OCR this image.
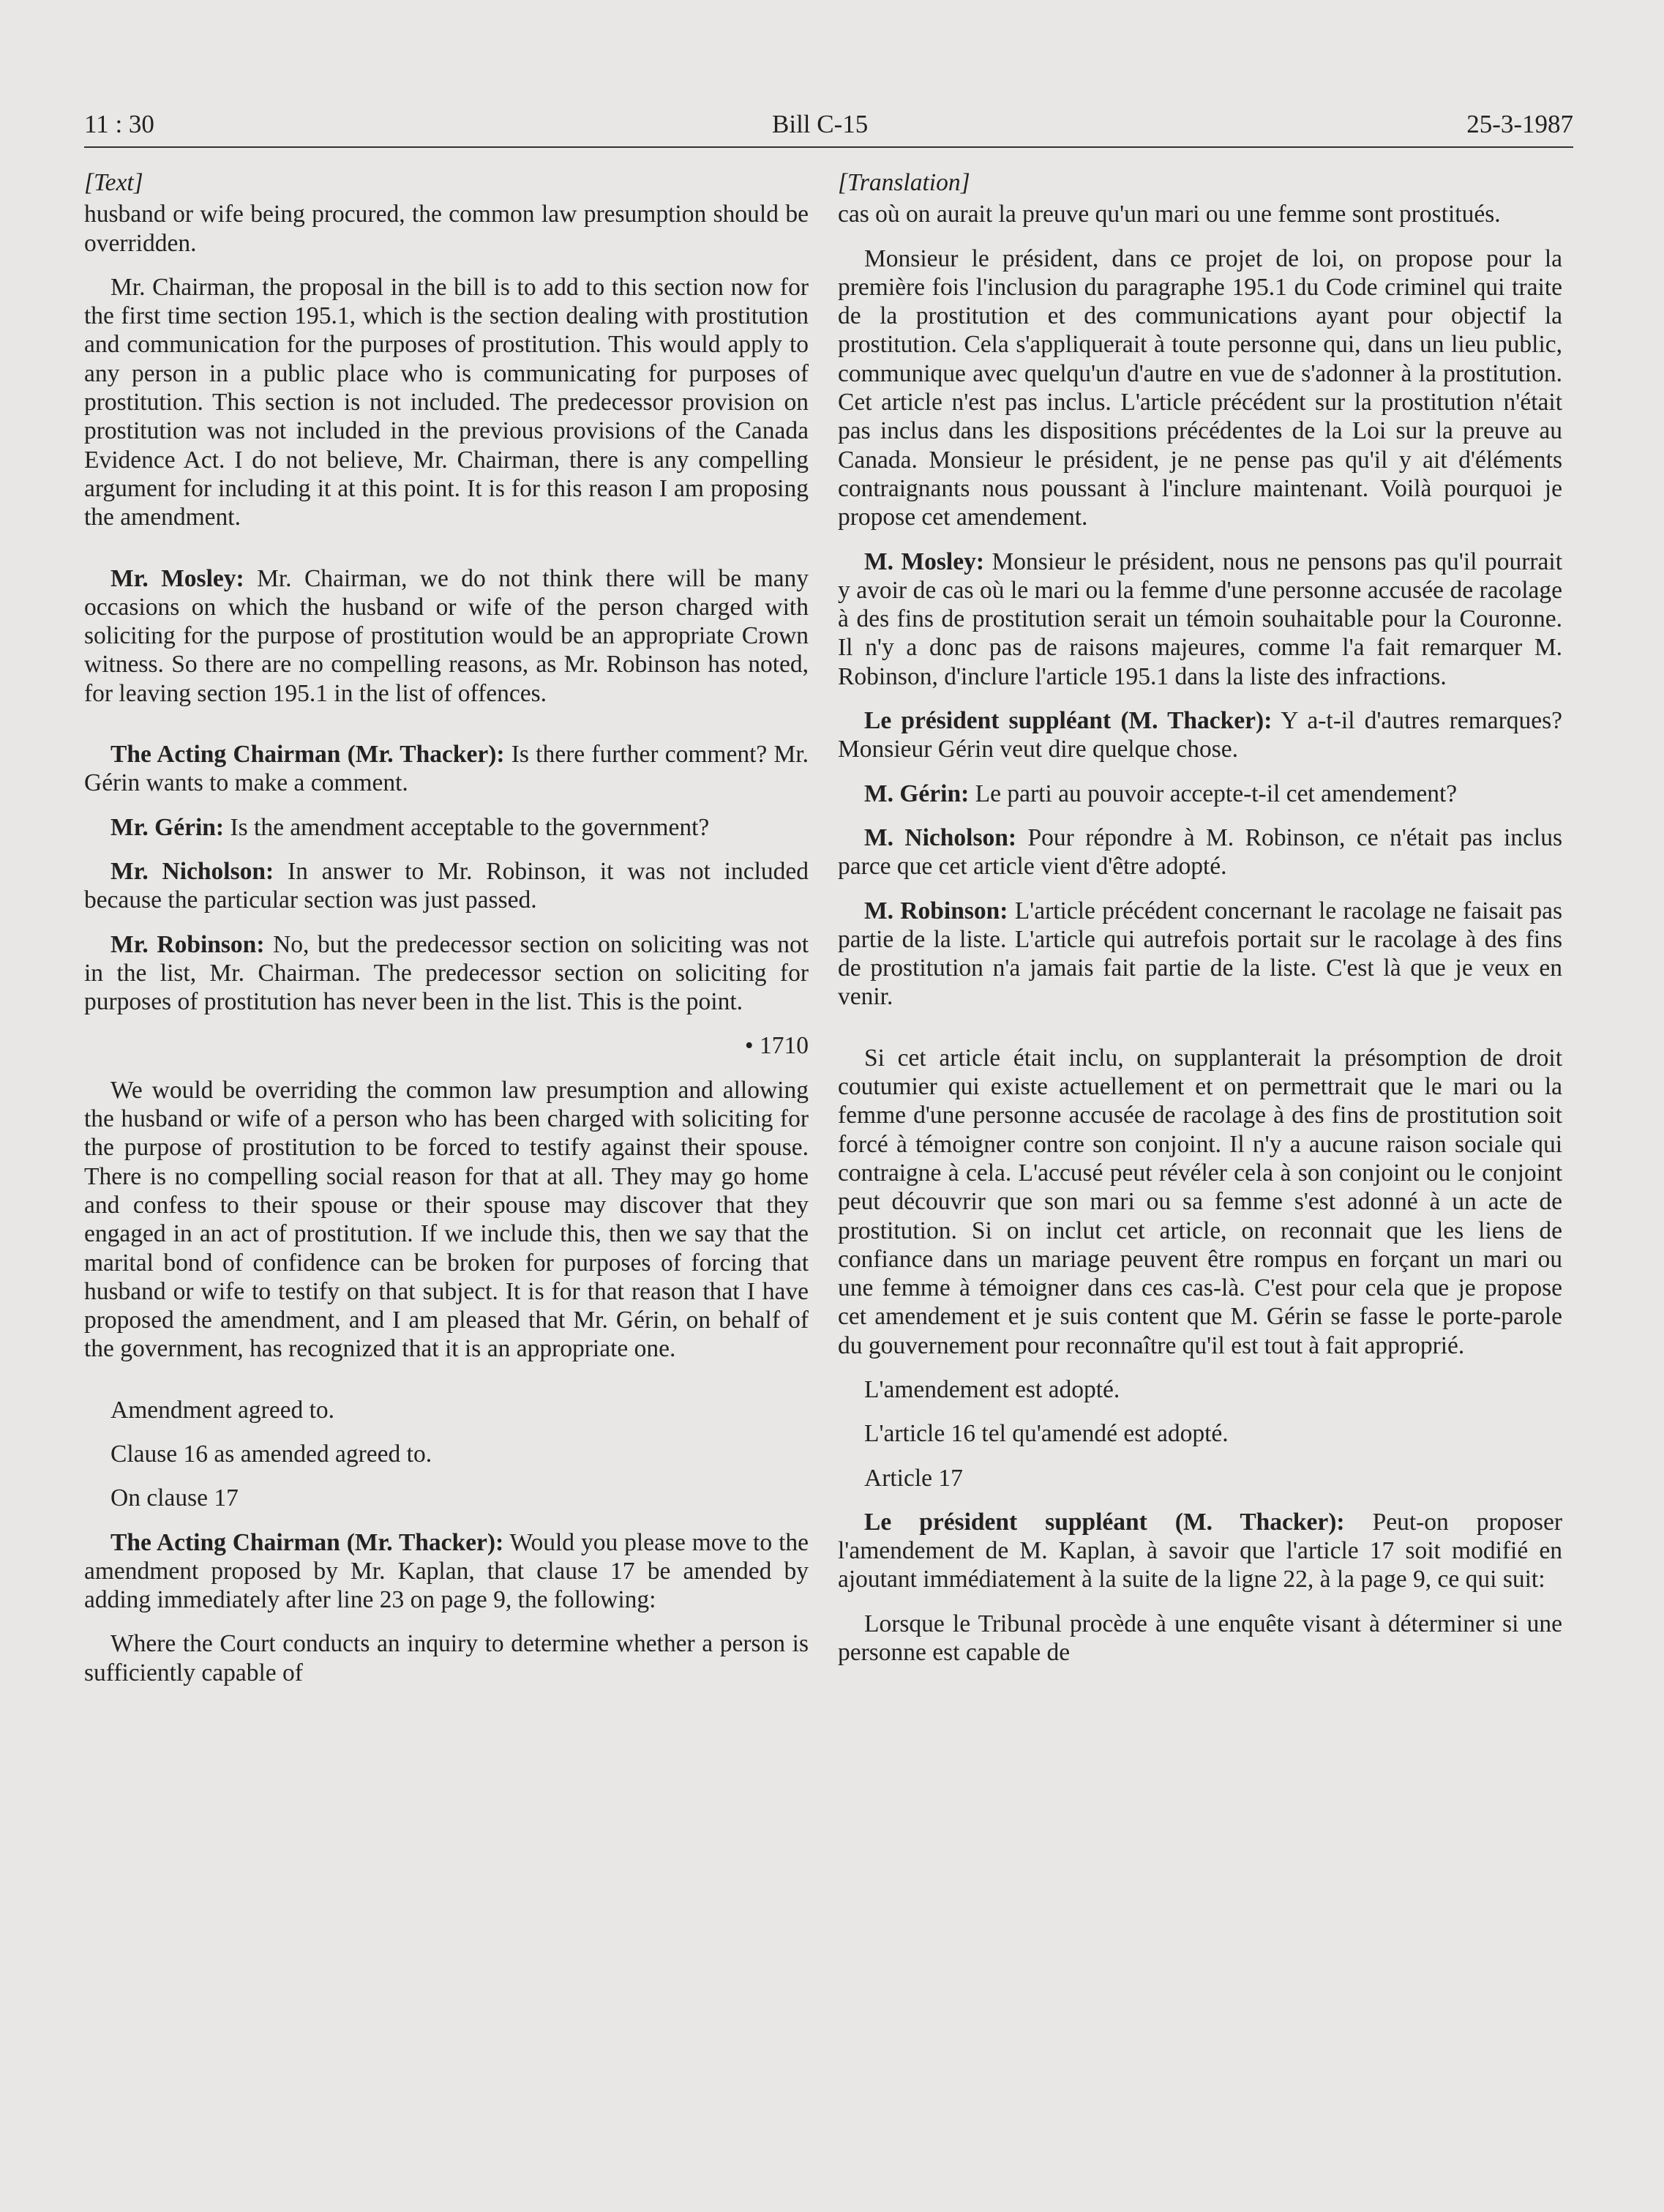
11 : 30	Bill C-15	25-3-1987
[Text]

husband or wife being procured, the common law presumption should be overridden.

Mr. Chairman, the proposal in the bill is to add to this section now for the first time section 195.1, which is the section dealing with prostitution and communication for the purposes of prostitution. This would apply to any person in a public place who is communicating for purposes of prostitution. This section is not included. The predecessor provision on prostitution was not included in the previous provisions of the Canada Evidence Act. I do not believe, Mr. Chairman, there is any compelling argument for including it at this point. It is for this reason I am proposing the amendment.

Mr. Mosley: Mr. Chairman, we do not think there will be many occasions on which the husband or wife of the person charged with soliciting for the purpose of prostitution would be an appropriate Crown witness. So there are no compelling reasons, as Mr. Robinson has noted, for leaving section 195.1 in the list of offences.

The Acting Chairman (Mr. Thacker): Is there further comment? Mr. Gérin wants to make a comment.

Mr. Gérin: Is the amendment acceptable to the government?

Mr. Nicholson: In answer to Mr. Robinson, it was not included because the particular section was just passed.

Mr. Robinson: No, but the predecessor section on soliciting was not in the list, Mr. Chairman. The predecessor section on soliciting for purposes of prostitution has never been in the list. This is the point.

• 1710

We would be overriding the common law presumption and allowing the husband or wife of a person who has been charged with soliciting for the purpose of prostitution to be forced to testify against their spouse. There is no compelling social reason for that at all. They may go home and confess to their spouse or their spouse may discover that they engaged in an act of prostitution. If we include this, then we say that the marital bond of confidence can be broken for purposes of forcing that husband or wife to testify on that subject. It is for that reason that I have proposed the amendment, and I am pleased that Mr. Gérin, on behalf of the government, has recognized that it is an appropriate one.

Amendment agreed to.

Clause 16 as amended agreed to.

On clause 17

The Acting Chairman (Mr. Thacker): Would you please move to the amendment proposed by Mr. Kaplan, that clause 17 be amended by adding immediately after line 23 on page 9, the following:

Where the Court conducts an inquiry to determine whether a person is sufficiently capable of

[Translation]

cas où on aurait la preuve qu'un mari ou une femme sont prostitués.

Monsieur le président, dans ce projet de loi, on propose pour la première fois l'inclusion du paragraphe 195.1 du Code criminel qui traite de la prostitution et des communications ayant pour objectif la prostitution. Cela s'appliquerait à toute personne qui, dans un lieu public, communique avec quelqu'un d'autre en vue de s'adonner à la prostitution. Cet article n'est pas inclus. L'article précédent sur la prostitution n'était pas inclus dans les dispositions précédentes de la Loi sur la preuve au Canada. Monsieur le président, je ne pense pas qu'il y ait d'éléments contraignants nous poussant à l'inclure maintenant. Voilà pourquoi je propose cet amendement.

M. Mosley: Monsieur le président, nous ne pensons pas qu'il pourrait y avoir de cas où le mari ou la femme d'une personne accusée de racolage à des fins de prostitution serait un témoin souhaitable pour la Couronne. Il n'y a donc pas de raisons majeures, comme l'a fait remarquer M. Robinson, d'inclure l'article 195.1 dans la liste des infractions.

Le président suppléant (M. Thacker): Y a-t-il d'autres remarques? Monsieur Gérin veut dire quelque chose.

M. Gérin: Le parti au pouvoir accepte-t-il cet amendement?

M. Nicholson: Pour répondre à M. Robinson, ce n'était pas inclus parce que cet article vient d'être adopté.

M. Robinson: L'article précédent concernant le racolage ne faisait pas partie de la liste. L'article qui autrefois portait sur le racolage à des fins de prostitution n'a jamais fait partie de la liste. C'est là que je veux en venir.

Si cet article était inclu, on supplanterait la présomption de droit coutumier qui existe actuellement et on permettrait que le mari ou la femme d'une personne accusée de racolage à des fins de prostitution soit forcé à témoigner contre son conjoint. Il n'y a aucune raison sociale qui contraigne à cela. L'accusé peut révéler cela à son conjoint ou le conjoint peut découvrir que son mari ou sa femme s'est adonné à un acte de prostitution. Si on inclut cet article, on reconnait que les liens de confiance dans un mariage peuvent être rompus en forçant un mari ou une femme à témoigner dans ces cas-là. C'est pour cela que je propose cet amendement et je suis content que M. Gérin se fasse le porte-parole du gouvernement pour reconnaître qu'il est tout à fait approprié.

L'amendement est adopté.

L'article 16 tel qu'amendé est adopté.

Article 17

Le président suppléant (M. Thacker): Peut-on proposer l'amendement de M. Kaplan, à savoir que l'article 17 soit modifié en ajoutant immédiatement à la suite de la ligne 22, à la page 9, ce qui suit:

Lorsque le Tribunal procède à une enquête visant à déterminer si une personne est capable de
